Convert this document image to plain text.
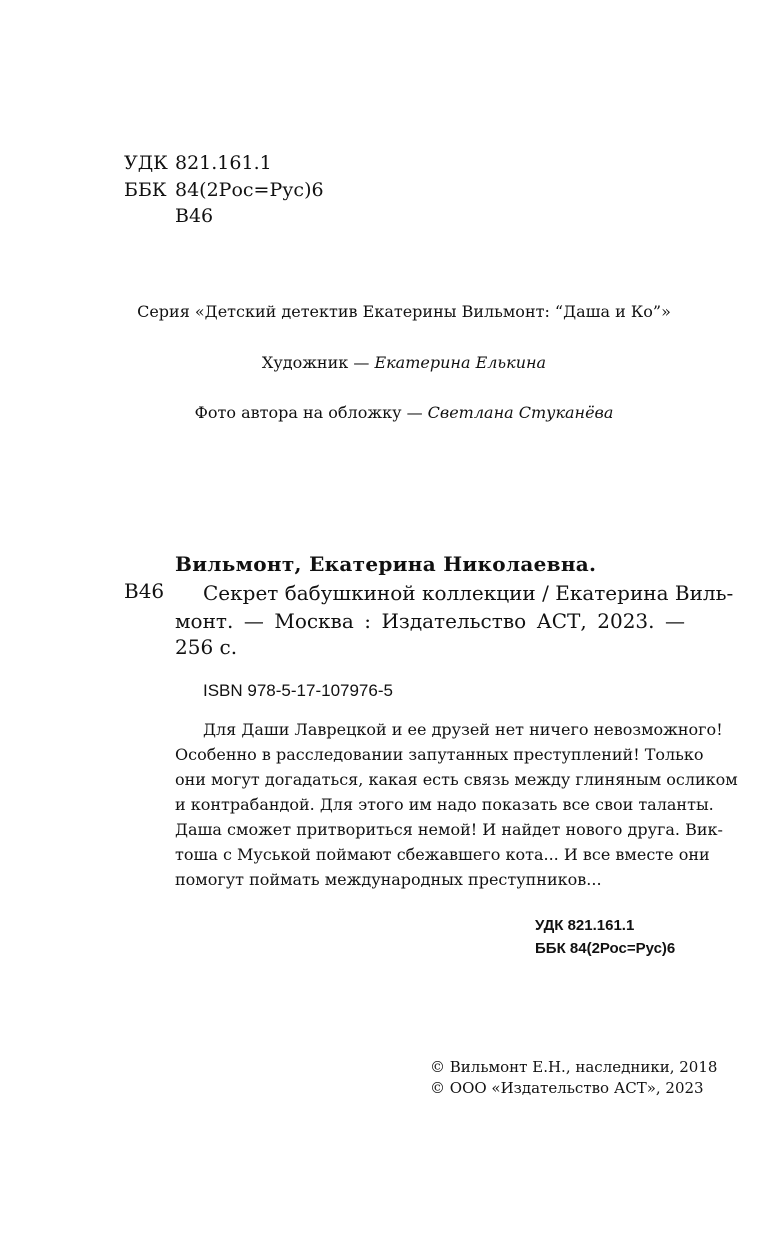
УДК 821.161.1
ББК 84(2Рос=Рус)6
В46
Серия «Детский детектив Екатерины Вильмонт: “Даша и Ко”»
Художник — Екатерина Елькина
Фото автора на обложку — Светлана Стуканёва
Вильмонт, Екатерина Николаевна.
В46 Секрет бабушкиной коллекции / Екатерина Виль-
монт. — Москва : Издательство АСТ, 2023. —
256 с.
ISBN 978-5-17-107976-5
Для Даши Лаврецкой и ее друзей нет ничего невозможного!
Особенно в расследовании запутанных преступлений! Только
они могут догадаться, какая есть связь между глиняным осликом
и контрабандой. Для этого им надо показать все свои таланты.
Даша сможет притвориться немой! И найдет нового друга. Вик-
тоша с Муськой поймают сбежавшего кота... И все вместе они
помогут поймать международных преступников...
УДК 821.161.1
ББК 84(2Рос=Рус)6
© Вильмонт Е.Н., наследники, 2018
© ООО «Издательство АСТ», 2023
